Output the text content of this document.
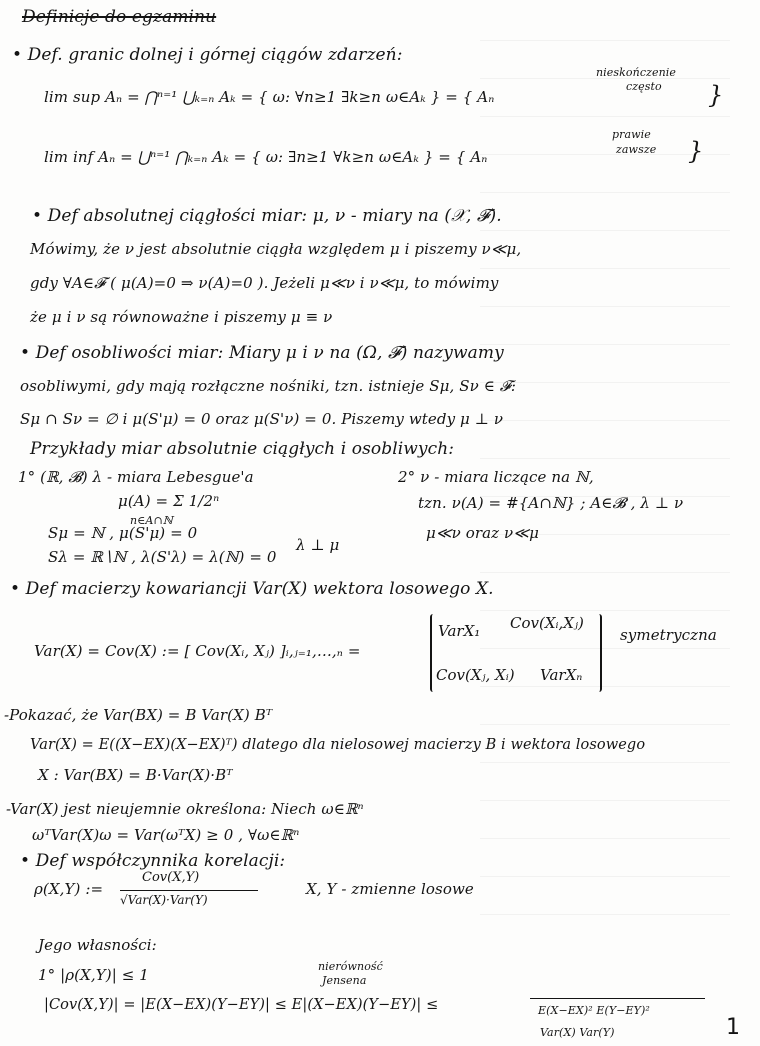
Definicje do egzaminu
• Def. granic dolnej i górnej ciągów zdarzeń:
lim sup Aₙ = ⋂ⁿ⁼¹ ⋃ₖ₌ₙ Aₖ = { ω: ∀n≥1 ∃k≥n ω∈Aₖ } = { Aₙ
nieskończenie
często }
lim inf Aₙ = ⋃ⁿ⁼¹ ⋂ₖ₌ₙ Aₖ = { ω: ∃n≥1 ∀k≥n ω∈Aₖ } = { Aₙ
prawie
zawsze }
• Def absolutnej ciągłości miar: μ, ν - miary na (𝒳, 𝓕).
Mówimy, że ν jest absolutnie ciągła względem μ i piszemy ν≪μ,
gdy ∀A∈𝓕 ( μ(A)=0 ⇒ ν(A)=0 ). Jeżeli μ≪ν i ν≪μ, to mówimy
że μ i ν są równoważne i piszemy μ ≡ ν
• Def osobliwości miar: Miary μ i ν na (Ω, 𝓕) nazywamy
osobliwymi, gdy mają rozłączne nośniki, tzn. istnieje Sμ, Sν ∈ 𝓕:
Sμ ∩ Sν = ∅ i μ(S'μ) = 0 oraz μ(S'ν) = 0. Piszemy wtedy μ ⊥ ν
Przykłady miar absolutnie ciągłych i osobliwych:
1° (ℝ, 𝓑) λ - miara Lebesgue'a
μ(A) = Σ 1/2ⁿ
n∈A∩ℕ
2° ν - miara liczące na ℕ,
tzn. ν(A) = #{A∩ℕ} ; A∈𝓑 , λ ⊥ ν
Sμ = ℕ , μ(S'μ) = 0
Sλ = ℝ∖ℕ , λ(S'λ) = λ(ℕ) = 0
λ ⊥ μ
μ≪ν oraz ν≪μ
• Def macierzy kowariancji Var(X) wektora losowego X.
Var(X) = Cov(X) := [ Cov(Xᵢ, Xⱼ) ]ᵢ,ⱼ₌₁,…,ₙ =
VarX₁ Cov(Xᵢ,Xⱼ)
Cov(Xⱼ, Xᵢ) VarXₙ
symetryczna
-Pokazać, że Var(BX) = B Var(X) Bᵀ
Var(X) = E((X−EX)(X−EX)ᵀ) dlatego dla nielosowej macierzy B i wektora losowego
X : Var(BX) = B·Var(X)·Bᵀ
-Var(X) jest nieujemnie określona: Niech ω∈ℝⁿ
ωᵀVar(X)ω = Var(ωᵀX) ≥ 0 , ∀ω∈ℝⁿ
• Def współczynnika korelacji:
ρ(X,Y) :=
Cov(X,Y)
√Var(X)·Var(Y)
X, Y - zmienne losowe
Jego własności:
1° |ρ(X,Y)| ≤ 1	nierówność
Jensena
|Cov(X,Y)| = |E(X−EX)(Y−EY)| ≤ E|(X−EX)(Y−EY)| ≤	E(X−EX)² E(Y−EY)²
Var(X) Var(Y)	1
